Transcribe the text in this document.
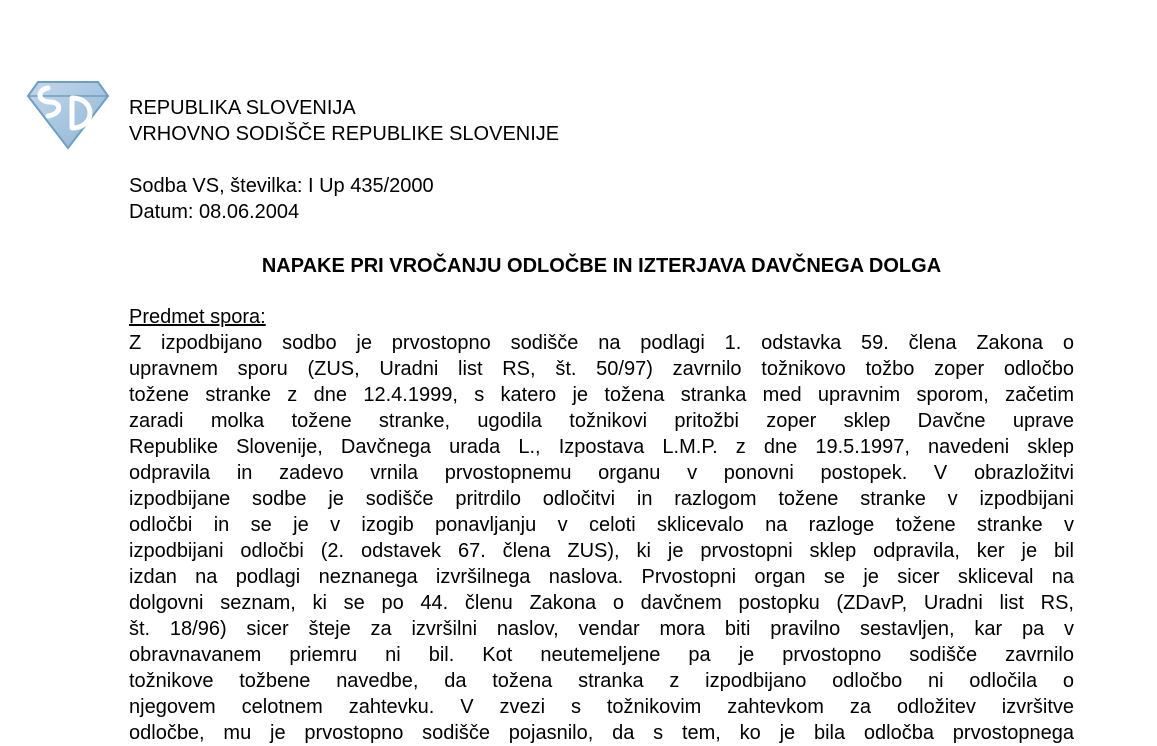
REPUBLIKA SLOVENIJA
VRHOVNO SODIŠČE REPUBLIKE SLOVENIJE
Sodba VS, številka: I Up 435/2000
Datum: 08.06.2004
NAPAKE PRI VROČANJU ODLOČBE IN IZTERJAVA DAVČNEGA DOLGA
Predmet spora:
Z izpodbijano sodbo je prvostopno sodišče na podlagi 1. odstavka 59. člena Zakona o
upravnem sporu (ZUS, Uradni list RS, št. 50/97) zavrnilo tožnikovo tožbo zoper odločbo
tožene stranke z dne 12.4.1999, s katero je tožena stranka med upravnim sporom, začetim
zaradi molka tožene stranke, ugodila tožnikovi pritožbi zoper sklep Davčne uprave
Republike Slovenije, Davčnega urada L., Izpostava L.M.P. z dne 19.5.1997, navedeni sklep
odpravila in zadevo vrnila prvostopnemu organu v ponovni postopek. V obrazložitvi
izpodbijane sodbe je sodišče pritrdilo odločitvi in razlogom tožene stranke v izpodbijani
odločbi in se je v izogib ponavljanju v celoti sklicevalo na razloge tožene stranke v
izpodbijani odločbi (2. odstavek 67. člena ZUS), ki je prvostopni sklep odpravila, ker je bil
izdan na podlagi neznanega izvršilnega naslova. Prvostopni organ se je sicer skliceval na
dolgovni seznam, ki se po 44. členu Zakona o davčnem postopku (ZDavP, Uradni list RS,
št. 18/96) sicer šteje za izvršilni naslov, vendar mora biti pravilno sestavljen, kar pa v
obravnavanem priemru ni bil. Kot neutemeljene pa je prvostopno sodišče zavrnilo
tožnikove tožbene navedbe, da tožena stranka z izpodbijano odločbo ni odločila o
njegovem celotnem zahtevku. V zvezi s tožnikovim zahtevkom za odložitev izvršitve
odločbe, mu je prvostopno sodišče pojasnilo, da s tem, ko je bila odločba prvostopnega
